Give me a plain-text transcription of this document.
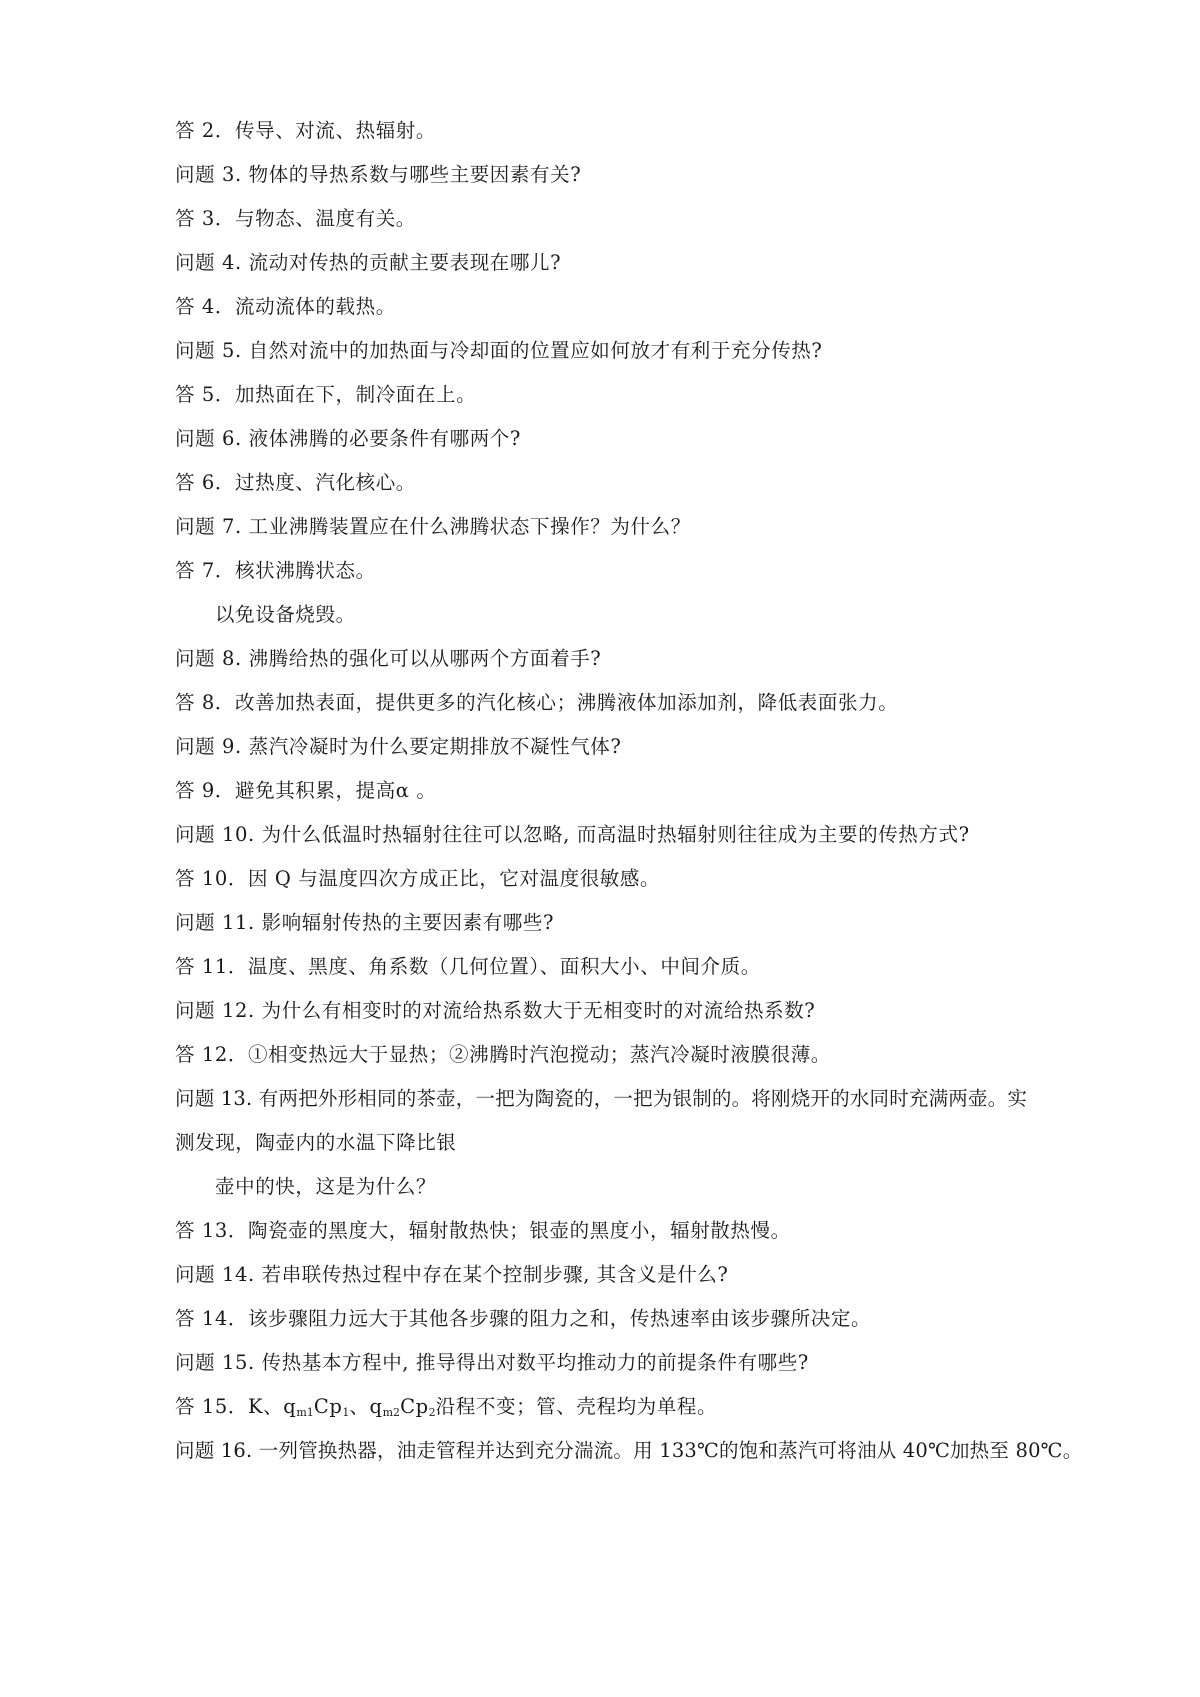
答 2．传导、对流、热辐射。
问题 3. 物体的导热系数与哪些主要因素有关?
答 3．与物态、温度有关。
问题 4. 流动对传热的贡献主要表现在哪儿?
答 4．流动流体的载热。
问题 5. 自然对流中的加热面与冷却面的位置应如何放才有利于充分传热?
答 5．加热面在下，制冷面在上。
问题 6. 液体沸腾的必要条件有哪两个?
答 6．过热度、汽化核心。
问题 7. 工业沸腾装置应在什么沸腾状态下操作？为什么？
答 7．核状沸腾状态。
以免设备烧毁。
问题 8. 沸腾给热的强化可以从哪两个方面着手?
答 8．改善加热表面，提供更多的汽化核心；沸腾液体加添加剂，降低表面张力。
问题 9. 蒸汽冷凝时为什么要定期排放不凝性气体?
答 9．避免其积累，提高α 。
问题 10. 为什么低温时热辐射往往可以忽略, 而高温时热辐射则往往成为主要的传热方式?
答 10．因 Q 与温度四次方成正比，它对温度很敏感。
问题 11. 影响辐射传热的主要因素有哪些?
答 11．温度、黑度、角系数（几何位置）、面积大小、中间介质。
问题 12. 为什么有相变时的对流给热系数大于无相变时的对流给热系数?
答 12．①相变热远大于显热；②沸腾时汽泡搅动；蒸汽冷凝时液膜很薄。
问题 13. 有两把外形相同的茶壶，一把为陶瓷的，一把为银制的。将刚烧开的水同时充满两壶。实
测发现，陶壶内的水温下降比银
壶中的快，这是为什么？
答 13．陶瓷壶的黑度大，辐射散热快；银壶的黑度小，辐射散热慢。
问题 14. 若串联传热过程中存在某个控制步骤, 其含义是什么?
答 14．该步骤阻力远大于其他各步骤的阻力之和，传热速率由该步骤所决定。
问题 15. 传热基本方程中, 推导得出对数平均推动力的前提条件有哪些?
答 15．K、$q_{m1}Cp_1$、$q_{m2}Cp_2$沿程不变；管、壳程均为单程。
问题 16. 一列管换热器，油走管程并达到充分湍流。用 133℃的饱和蒸汽可将油从 40℃加热至 80℃。
